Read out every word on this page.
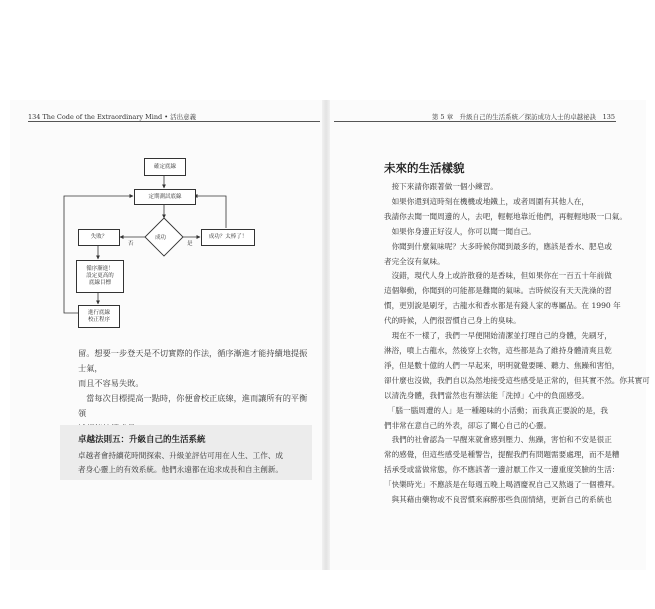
134 The Code of the Extraordinary Mind • 活出意義	第 5 章　升級自己的生活系統／探訪成功人士的卓越祕訣　135
確定底線
定期測試底線
成功
失敗？	成功？太棒了！
否	是
循序漸進！
設定更高的
底線目標
進行底線
校正程序
留。想要一步登天是不切實際的作法，循序漸進才能持續地提振士氣，
而且不容易失敗。
　當每次目標提高一點時，你便會校正底線，進而讓所有的平衡領
卓越法則五：升級自己的生活系統
卓越者會持續花時間探索、升級並評估可用在人生、工作、成
者身心靈上的有效系統。他們永遠都在追求成長和自主創新。
未來的生活樣貌

　接下來請你跟著做一個小練習。

　如果你還到這時刻在機機或地鐵上，或者周圍有其他人在，

我請你去聞一聞周邊的人，去吧，輕輕地靠近他們，再輕輕地吸一口氣。

　如果你身邊正好沒人，你可以聞一聞自己。

　你聞到什麼氣味呢？大多時候你聞到最多的，應該是香水、肥皂或

者完全沒有氣味。

　沒錯，現代人身上或許散發的是香味，但如果你在一百五十年前做

這個舉動，你聞到的可能都是難聞的氣味。吉時候沒有天天洗澡的習

慣，更別說是刷牙，古龍水和香水都是有錢人家的專屬品。在 1990 年

代的時候，人們很習慣自己身上的臭味。

　現在不一樣了，我們一早便開始清潔並打理自己的身體，先刷牙，

淋浴，噴上古龍水，然後穿上衣物，這些都是為了維持身體清爽且乾

淨，但是數十億的人們一早起來，明明就覺要睡、聽力、焦躁和害怕，

卻什麼也沒做，我們自以為然地接受這些感受是正常的，但其實不然。你其實可

以清洗身體，我們當然也有辦法能「洗掉」心中的負面感受。

　「腦一腦周遭的人」是一種趣味的小活動；而我真正要說的是，我

們非常在意自己的外表，卻忘了關心自己的心靈。

　我們的社會認為一早醒來就會感到壓力、焦躁，害怕和不安是很正

常的感覺，但這些感受是種警告，提醒我們有問題需要處理，而不是糟

括承受或當做常態，你不應該著一邊討厭工作又一邊重度笑臉的生活：

「快樂時光」不應該是在每週五晚上喝酒慶祝自己又熬過了一個禮拜。

　與其藉由藥物或不良習慣來麻醉那些負面情緒，更新自己的系統也
